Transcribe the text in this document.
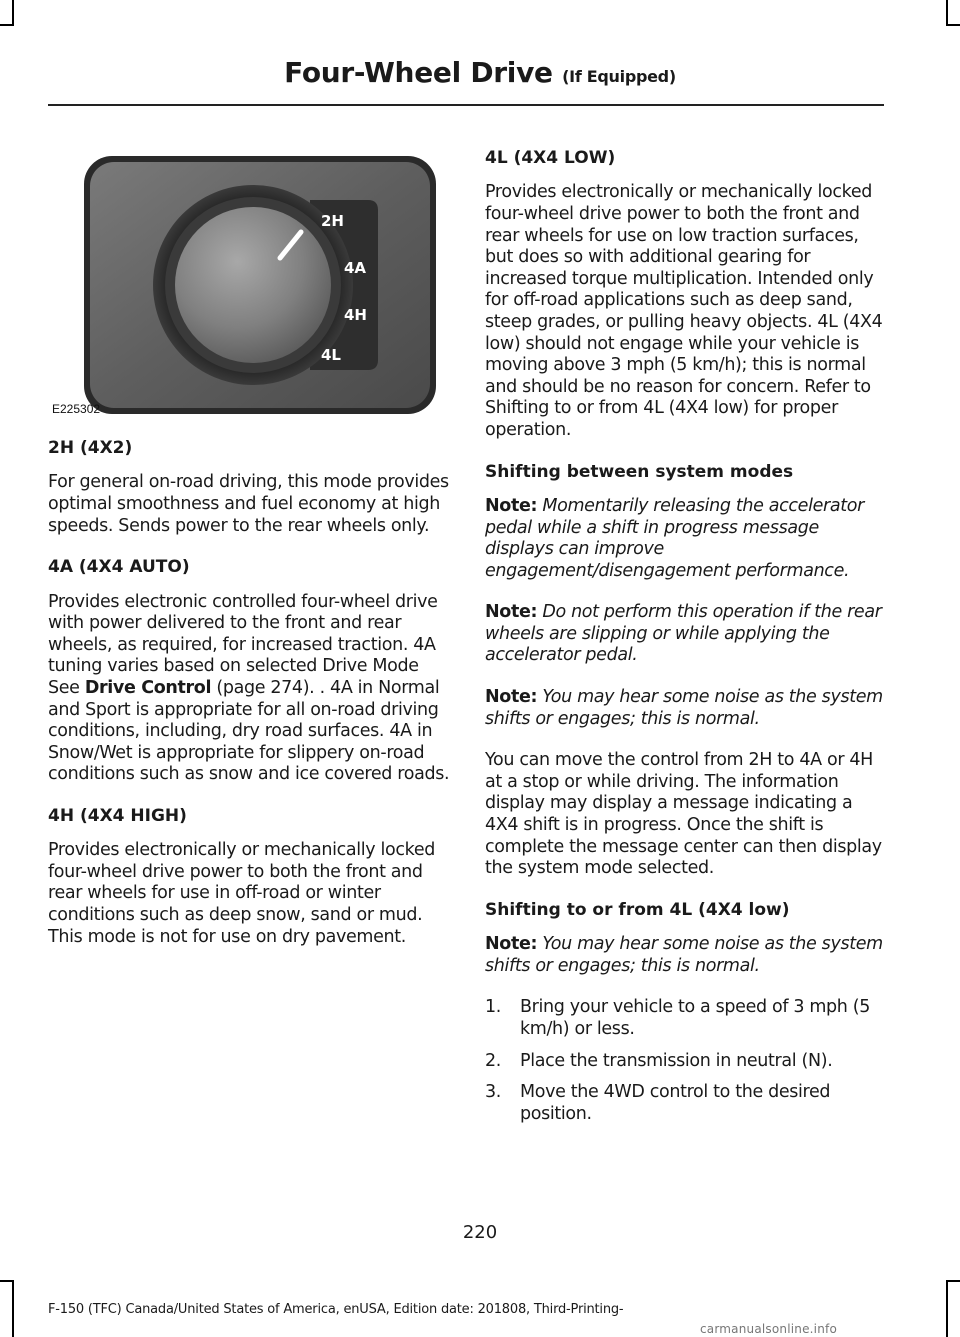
Four-Wheel Drive (If Equipped)
2H
4A
4H
4L
E225302
2H (4X2)

For general on-road driving, this mode provides optimal smoothness and fuel economy at high speeds. Sends power to the rear wheels only.

4A (4X4 AUTO)

Provides electronic controlled four-wheel drive with power delivered to the front and rear wheels, as required, for increased traction. 4A tuning varies based on selected Drive Mode See Drive Control (page 274). . 4A in Normal and Sport is appropriate for all on-road driving conditions, including, dry road surfaces. 4A in Snow/Wet is appropriate for slippery on-road conditions such as snow and ice covered roads.

4H (4X4 HIGH)

Provides electronically or mechanically locked four-wheel drive power to both the front and rear wheels for use in off-road or winter conditions such as deep snow, sand or mud. This mode is not for use on dry pavement.

4L (4X4 LOW)

Provides electronically or mechanically locked four-wheel drive power to both the front and rear wheels for use on low traction surfaces, but does so with additional gearing for increased torque multiplication. Intended only for off-road applications such as deep sand, steep grades, or pulling heavy objects. 4L (4X4 low) should not engage while your vehicle is moving above 3 mph (5 km/h); this is normal and should be no reason for concern. Refer to Shifting to or from 4L (4X4 low) for proper operation.

Shifting between system modes

Note: Momentarily releasing the accelerator pedal while a shift in progress message displays can improve engagement/disengagement performance.

Note: Do not perform this operation if the rear wheels are slipping or while applying the accelerator pedal.

Note: You may hear some noise as the system shifts or engages; this is normal.

You can move the control from 2H to 4A or 4H at a stop or while driving. The information display may display a message indicating a 4X4 shift is in progress. Once the shift is complete the message center can then display the system mode selected.

Shifting to or from 4L (4X4 low)

Note: You may hear some noise as the system shifts or engages; this is normal.

1. Bring your vehicle to a speed of 3 mph (5 km/h) or less.
2. Place the transmission in neutral (N).
3. Move the 4WD control to the desired position.
220
F-150 (TFC) Canada/United States of America, enUSA, Edition date: 201808, Third-Printing-
carmanualsonline.info
